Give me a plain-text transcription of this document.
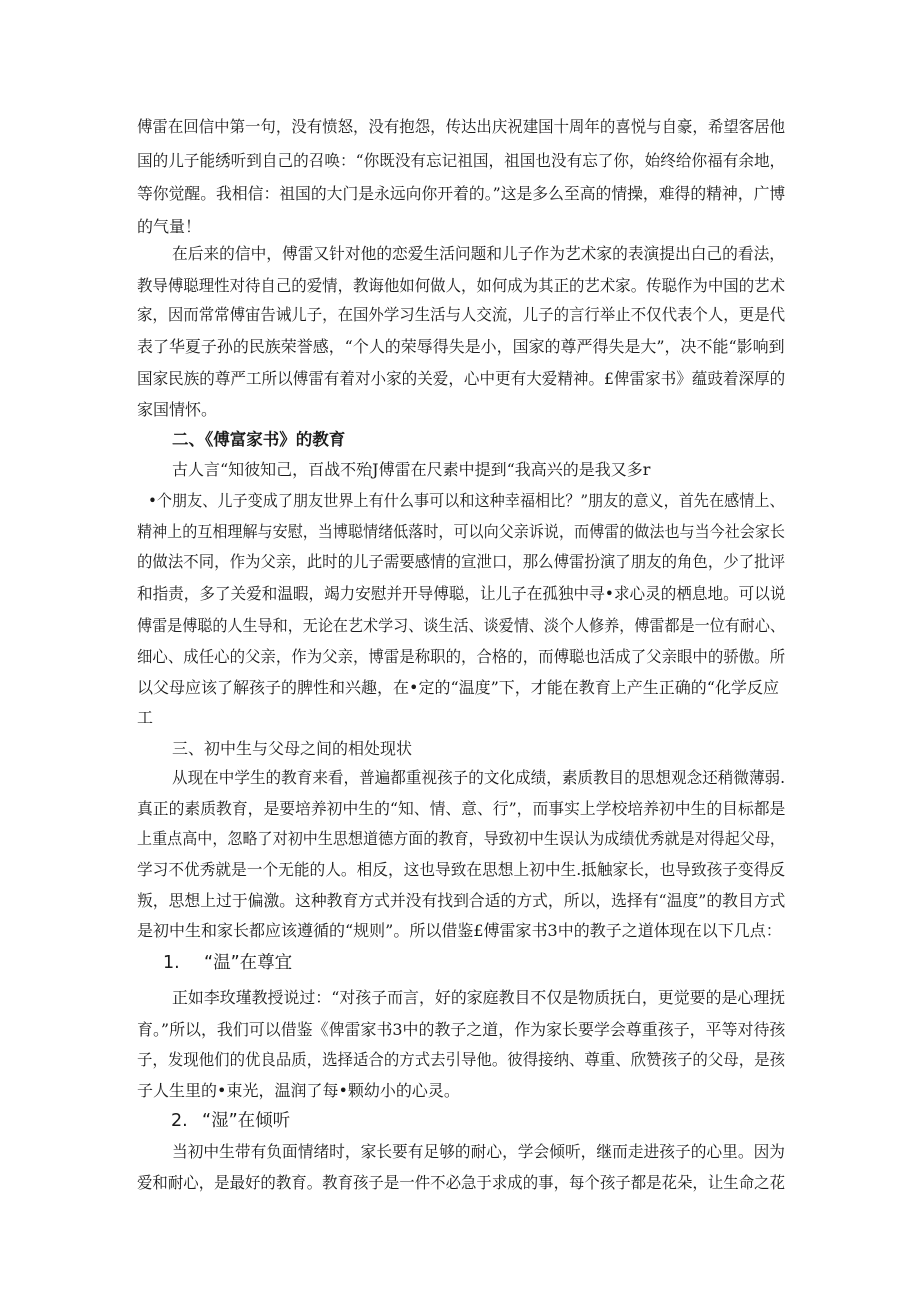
傅雷在回信中第一句，没有愤怒，没有抱怨，传达出庆祝建国十周年的喜悦与自豪，希望客居他
国的儿子能绣听到自己的召唤：“你既没有忘记祖国，祖国也没有忘了你，始终给你福有余地，
等你觉醒。我相信：祖国的大门是永远向你开着的。”这是多么至高的情操，难得的精神，广博
的气量！
在后来的信中，傅雷又针对他的恋爱生活问题和儿子作为艺术家的表演提出白己的看法，
教导傅聪理性对待自己的爱情，教诲他如何做人，如何成为其正的艺术家。传聪作为中国的艺术
家，因而常常傅宙告诫儿子，在国外学习生活与人交流，儿子的言行举止不仅代表个人，更是代
表了华夏子孙的民族荣誉感，“个人的荣辱得失是小，国家的尊严得失是大”，决不能“影响到
国家民族的尊严工所以傅雷有着对小家的关爱，心中更有大爱精神。£俾雷家书》蕴豉着深厚的
家国情怀。
二、《傅富家书》的教育
古人言“知彼知己，百战不殆J傅雷在尺素中提到“我高兴的是我又多r
•个朋友、儿子变成了朋友世界上有什么事可以和这种幸福相比？”朋友的意义，首先在感情上、
精神上的互相理解与安慰，当博聪情绪低落时，可以向父亲诉说，而傅雷的做法也与当今社会家长
的做法不同，作为父亲，此时的儿子需要感情的宣泄口，那么傅雷扮演了朋友的角色，少了批评
和指责，多了关爱和温暇，竭力安慰并开导傅聪，让儿子在孤独中寻•求心灵的栖息地。可以说
傅雷是傅聪的人生导和，无论在艺术学习、谈生活、谈爱情、淡个人修养，傅雷都是一位有耐心、
细心、成任心的父亲，作为父亲，博雷是称职的，合格的，而傅聪也活成了父亲眼中的骄傲。所
以父母应该了解孩子的脾性和兴趣，在•定的“温度”下，才能在教育上产生正确的“化学反应
工
三、初中生与父母之间的相处现状
从现在中学生的教育来看，普遍都重视孩子的文化成绩，素质教目的思想观念还稍微薄弱.
真正的素质教育，是要培养初中生的“知、情、意、行”，而事实上学校培养初中生的目标都是
上重点高中，忽略了对初中生思想道德方面的教育，导致初中生误认为成绩优秀就是对得起父母，
学习不优秀就是一个无能的人。相反，这也导致在思想上初中生.抵触家长，也导致孩子变得反
叛，思想上过于偏激。这种教育方式并没有找到合适的方式，所以，选择有“温度”的教目方式
是初中生和家长都应该遵循的“规则”。所以借鉴£傅雷家书3中的教子之道体现在以下几点：
1. “温”在尊宜
正如李玫瑾教授说过：“对孩子而言，好的家庭教目不仅是物质抚白，更觉要的是心理抚
育。”所以，我们可以借鉴《俾雷家书3中的教子之道，作为家长要学会尊重孩子，平等对待孩
子，发现他们的优良品质，选择适合的方式去引导他。彼得接纳、尊重、欣赞孩子的父母，是孩
子人生里的•束光，温润了每•颗幼小的心灵。
2. “湿”在倾听
当初中生带有负面情绪时，家长要有足够的耐心，学会倾听，继而走进孩子的心里。因为
爱和耐心，是最好的教育。教育孩子是一件不必急于求成的事，每个孩子都是花朵，让生命之花
